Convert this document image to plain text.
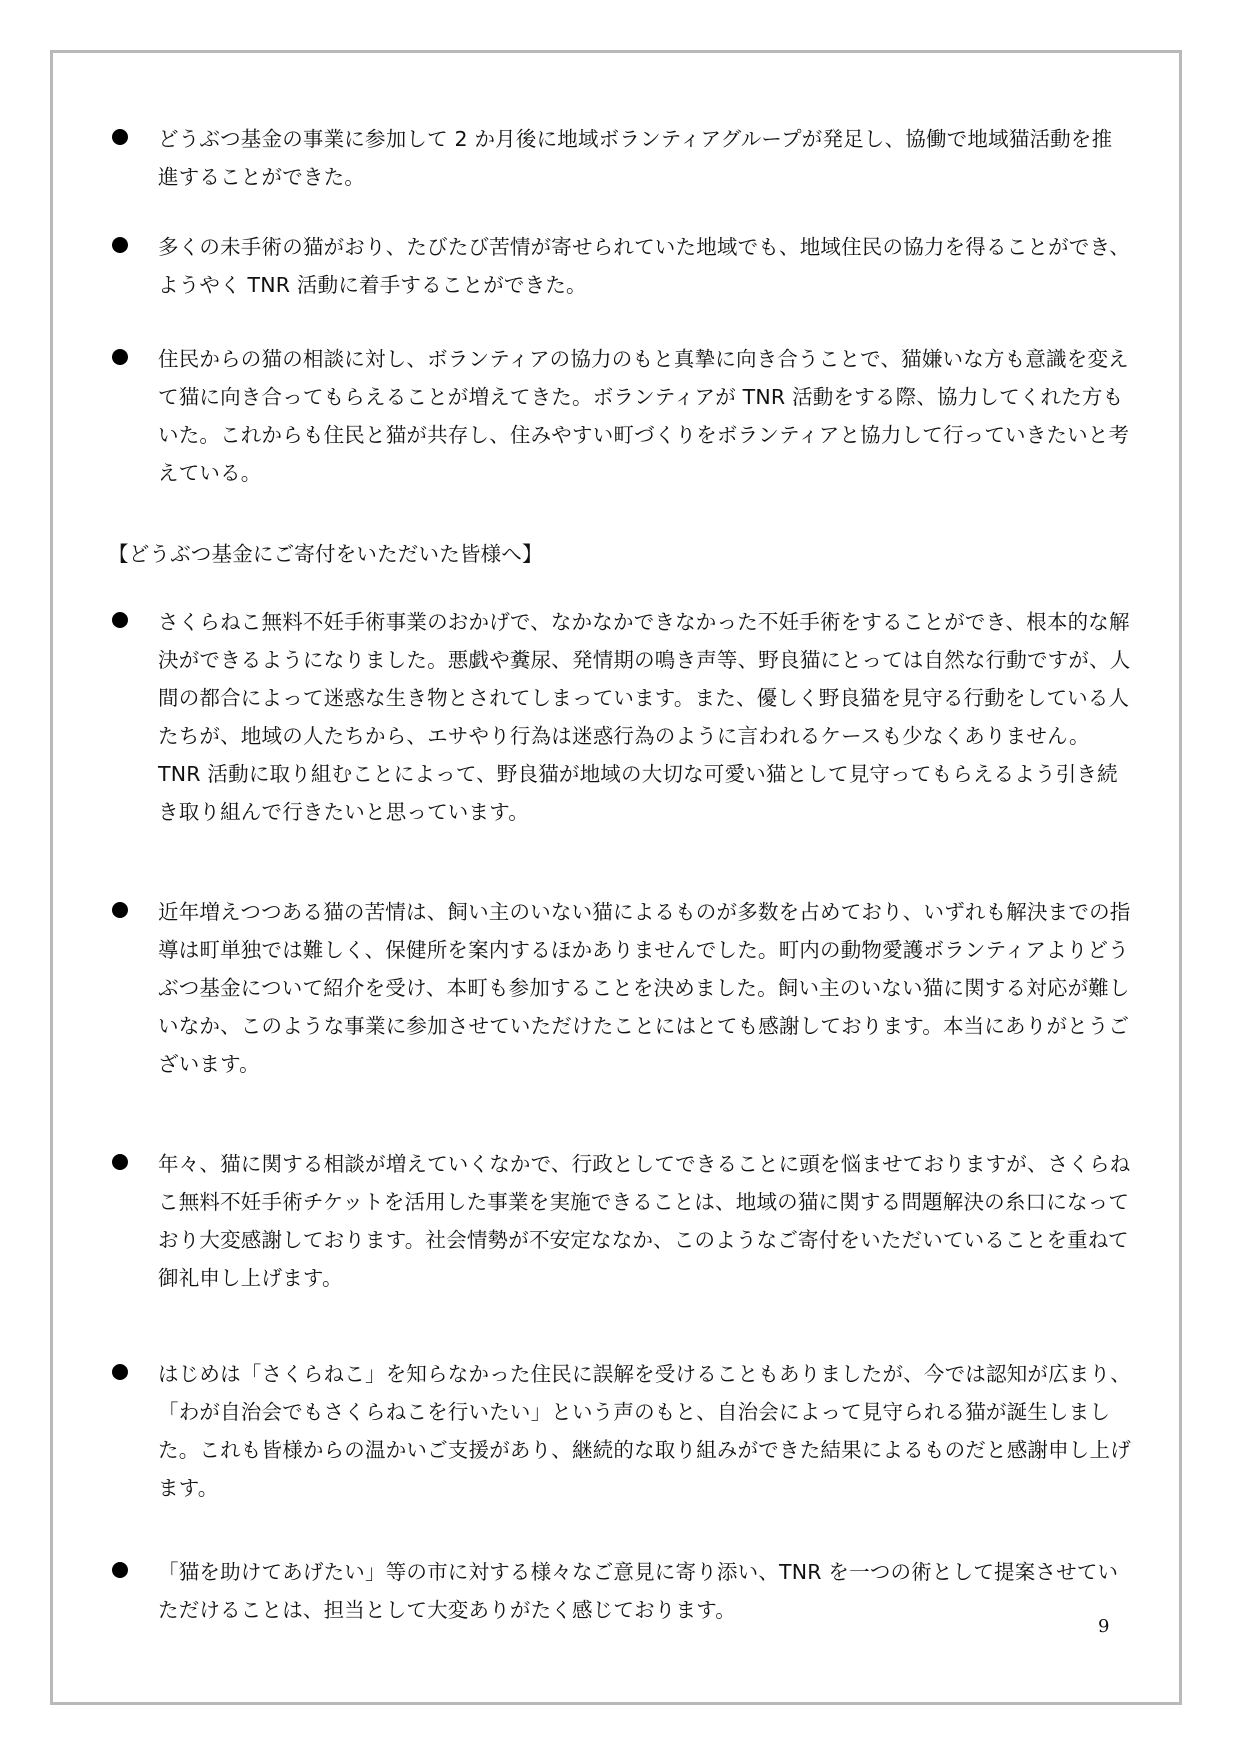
どうぶつ基金の事業に参加して 2 か月後に地域ボランティアグループが発足し、協働で地域猫活動を推進することができた。

多くの未手術の猫がおり、たびたび苦情が寄せられていた地域でも、地域住民の協力を得ることができ、ようやく TNR 活動に着手することができた。

住民からの猫の相談に対し、ボランティアの協力のもと真摯に向き合うことで、猫嫌いな方も意識を変えて猫に向き合ってもらえることが増えてきた。ボランティアが TNR 活動をする際、協力してくれた方もいた。これからも住民と猫が共存し、住みやすい町づくりをボランティアと協力して行っていきたいと考えている。

【どうぶつ基金にご寄付をいただいた皆様へ】

さくらねこ無料不妊手術事業のおかげで、なかなかできなかった不妊手術をすることができ、根本的な解決ができるようになりました。悪戯や糞尿、発情期の鳴き声等、野良猫にとっては自然な行動ですが、人間の都合によって迷惑な生き物とされてしまっています。また、優しく野良猫を見守る行動をしている人たちが、地域の人たちから、エサやり行為は迷惑行為のように言われるケースも少なくありません。TNR 活動に取り組むことによって、野良猫が地域の大切な可愛い猫として見守ってもらえるよう引き続き取り組んで行きたいと思っています。

近年増えつつある猫の苦情は、飼い主のいない猫によるものが多数を占めており、いずれも解決までの指導は町単独では難しく、保健所を案内するほかありませんでした。町内の動物愛護ボランティアよりどうぶつ基金について紹介を受け、本町も参加することを決めました。飼い主のいない猫に関する対応が難しいなか、このような事業に参加させていただけたことにはとても感謝しております。本当にありがとうございます。

年々、猫に関する相談が増えていくなかで、行政としてできることに頭を悩ませておりますが、さくらねこ無料不妊手術チケットを活用した事業を実施できることは、地域の猫に関する問題解決の糸口になっており大変感謝しております。社会情勢が不安定ななか、このようなご寄付をいただいていることを重ねて御礼申し上げます。

はじめは「さくらねこ」を知らなかった住民に誤解を受けることもありましたが、今では認知が広まり、「わが自治会でもさくらねこを行いたい」という声のもと、自治会によって見守られる猫が誕生しました。これも皆様からの温かいご支援があり、継続的な取り組みができた結果によるものだと感謝申し上げます。

「猫を助けてあげたい」等の市に対する様々なご意見に寄り添い、TNR を一つの術として提案させていただけることは、担当として大変ありがたく感じております。

9
